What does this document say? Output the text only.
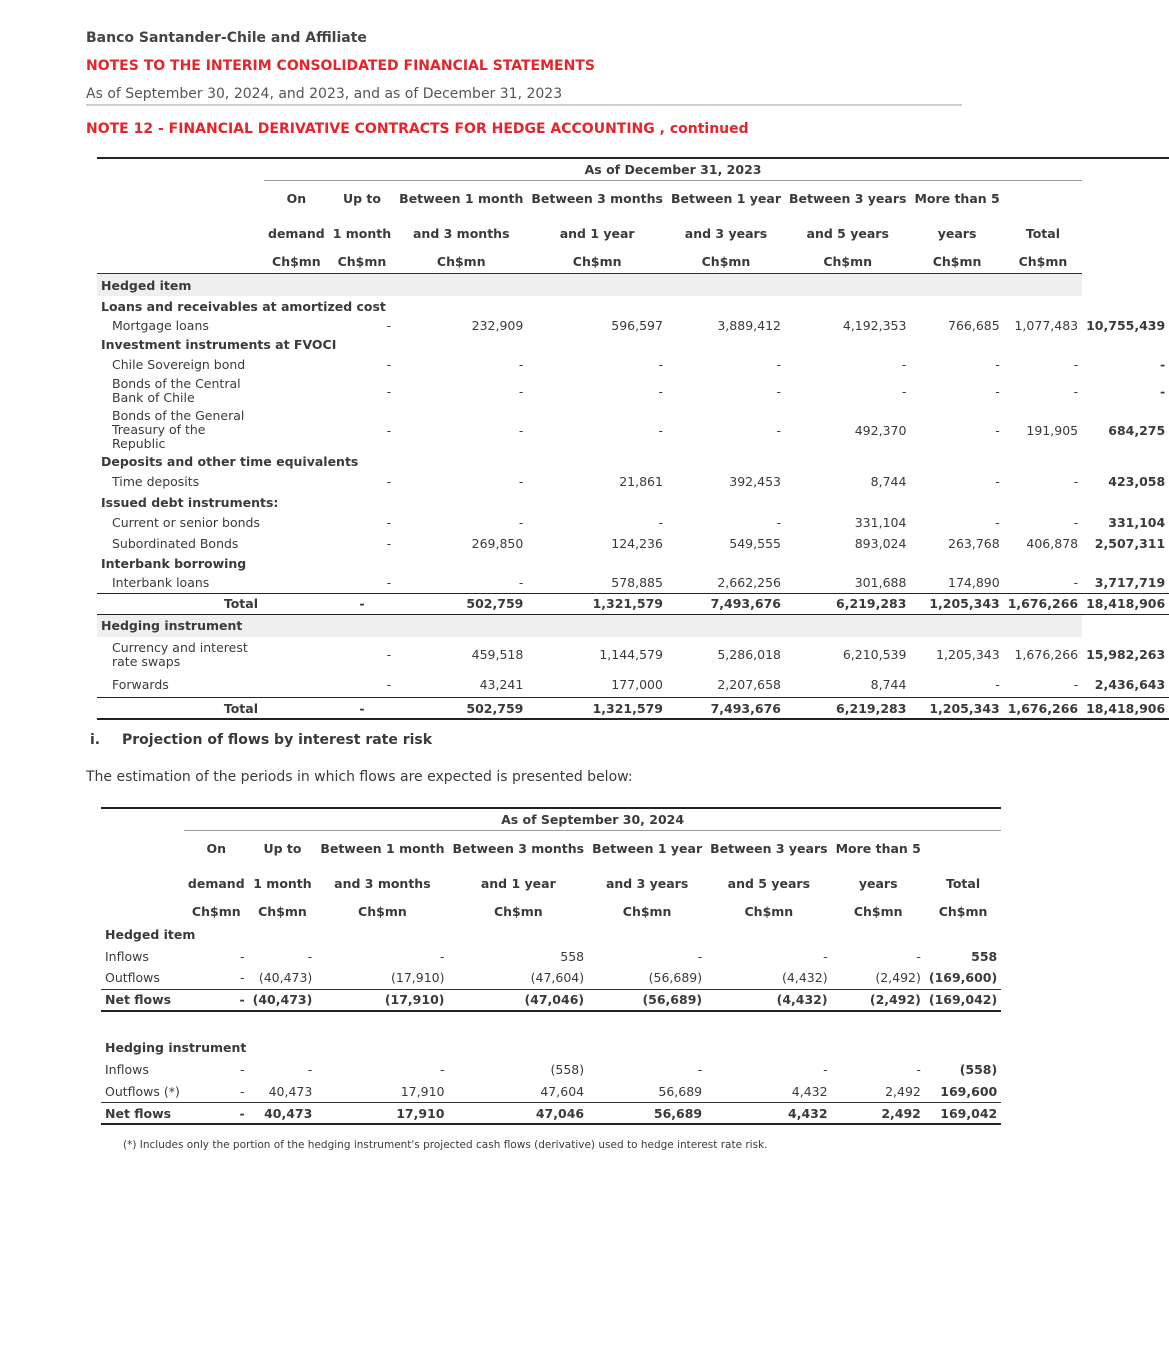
Banco Santander-Chile and Affiliate
NOTES TO THE INTERIM CONSOLIDATED FINANCIAL STATEMENTS
As of September 30, 2024, and 2023, and as of December 31, 2023
NOTE 12 - FINANCIAL DERIVATIVE CONTRACTS FOR HEDGE ACCOUNTING , continued
	As of December 31, 2023								
	On	Up to	Between 1 month	Between 3 months	Between 1 year	Between 3 years	More than 5		
	demand	1 month	and 3 months	and 1 year	and 3 years	and 5 years	years	Total	
	Ch$mn	Ch$mn	Ch$mn	Ch$mn	Ch$mn	Ch$mn	Ch$mn	Ch$mn	
Hedged item									
Loans and receivables at amortized cost									
Mortgage loans		-	232,909	596,597	3,889,412	4,192,353	766,685	1,077,483	10,755,439
Investment instruments at FVOCI									
Chile Sovereign bond		-	-	-	-	-	-	-	-
Bonds of the Central Bank of Chile		-	-	-	-	-	-	-	-
Bonds of the General Treasury of the Republic		-	-	-	-	492,370	-	191,905	684,275
Deposits and other time equivalents									
Time deposits		-	-	21,861	392,453	8,744	-	-	423,058
Issued debt instruments:									
Current or senior bonds		-	-	-	-	331,104	-	-	331,104
Subordinated Bonds		-	269,850	124,236	549,555	893,024	263,768	406,878	2,507,311
Interbank borrowing									
Interbank loans		-	-	578,885	2,662,256	301,688	174,890	-	3,717,719
Total		-	502,759	1,321,579	7,493,676	6,219,283	1,205,343	1,676,266	18,418,906
Hedging instrument									
Currency and interest rate swaps		-	459,518	1,144,579	5,286,018	6,210,539	1,205,343	1,676,266	15,982,263
Forwards		-	43,241	177,000	2,207,658	8,744	-	-	2,436,643
Total		-	502,759	1,321,579	7,493,676	6,219,283	1,205,343	1,676,266	18,418,906
i. Projection of flows by interest rate risk
The estimation of the periods in which flows are expected is presented below:
	As of September 30, 2024							
	On	Up to	Between 1 month	Between 3 months	Between 1 year	Between 3 years	More than 5	
	demand	1 month	and 3 months	and 1 year	and 3 years	and 5 years	years	Total
	Ch$mn	Ch$mn	Ch$mn	Ch$mn	Ch$mn	Ch$mn	Ch$mn	Ch$mn
Hedged item								
Inflows	-	-	-	558	-	-	-	558
Outflows	-	(40,473)	(17,910)	(47,604)	(56,689)	(4,432)	(2,492)	(169,600)
Net flows	-	(40,473)	(17,910)	(47,046)	(56,689)	(4,432)	(2,492)	(169,042)

Hedging instrument								
Inflows	-	-	-	(558)	-	-	-	(558)
Outflows (*)	-	40,473	17,910	47,604	56,689	4,432	2,492	169,600
Net flows	-	40,473	17,910	47,046	56,689	4,432	2,492	169,042
(*) Includes only the portion of the hedging instrument's projected cash flows (derivative) used to hedge interest rate risk.
